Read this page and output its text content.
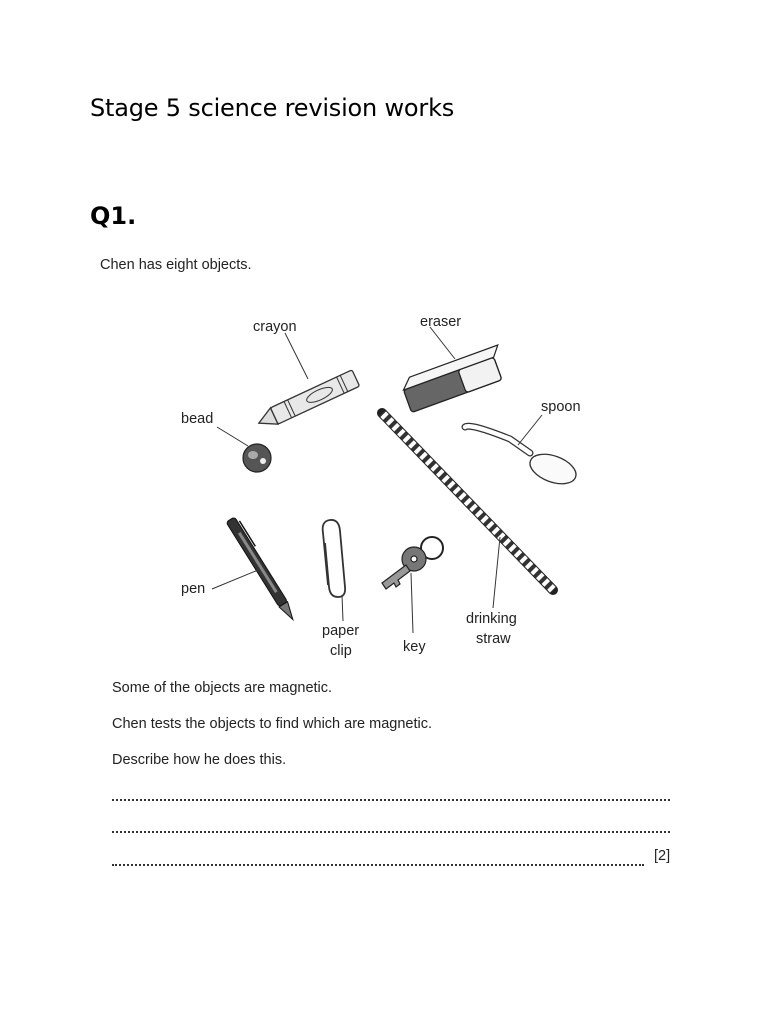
Stage 5 science revision works
Q1.
Chen has eight objects.
crayon	eraser
bead
spoon
drinking
straw
pen
paper
clip	key
Some of the objects are magnetic.
Chen tests the objects to find which are magnetic.
Describe how he does this.
[2]
